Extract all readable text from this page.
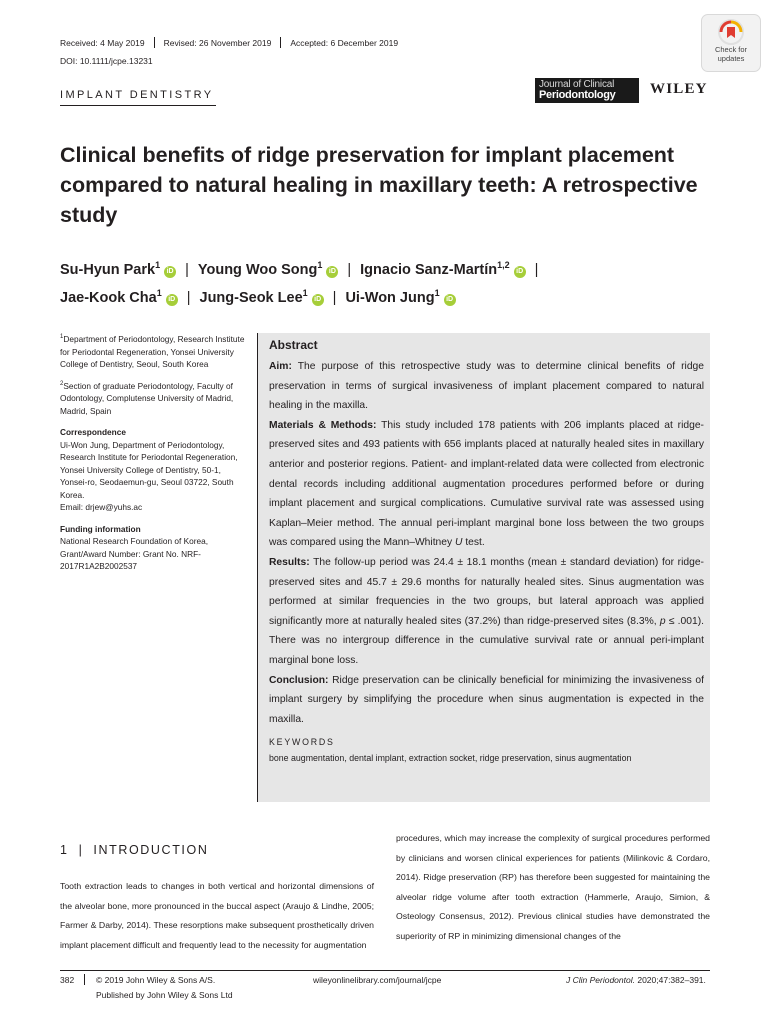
Received: 4 May 2019 Revised: 26 November 2019 Accepted: 6 December 2019
DOI: 10.1111/jcpe.13231
IMPLANT DENTISTRY
Check for
updates
Journal of Clinical
Periodontology	WILEY
Clinical benefits of ridge preservation for implant placement compared to natural healing in maxillary teeth: A retrospective study
Su-Hyun Park$^1$iD | Young Woo Song$^1$iD | Ignacio Sanz-Martín$^{1,2}$iD |
Jae-Kook Cha$^1$iD | Jung-Seok Lee$^1$iD | Ui-Won Jung$^1$iD

$^1$Department of Periodontology, Research Institute for Periodontal Regeneration, Yonsei University College of Dentistry, Seoul, South Korea

$^2$Section of graduate Periodontology, Faculty of Odontology, Complutense University of Madrid, Madrid, Spain

Correspondence
Ui-Won Jung, Department of Periodontology, Research Institute for Periodontal Regeneration, Yonsei University College of Dentistry, 50-1, Yonsei-ro, Seodaemun-gu, Seoul 03722, South Korea.
Email: drjew@yuhs.ac

Funding information
National Research Foundation of Korea, Grant/Award Number: Grant No. NRF-2017R1A2B2002537

Abstract

Aim: The purpose of this retrospective study was to determine clinical benefits of ridge preservation in terms of surgical invasiveness of implant placement compared to natural healing in the maxilla.

Materials & Methods: This study included 178 patients with 206 implants placed at ridge-preserved sites and 493 patients with 656 implants placed at naturally healed sites in maxillary anterior and posterior regions. Patient- and implant-related data were collected from electronic dental records including additional augmentation procedures performed before or during implant placement and surgical complications. Cumulative survival rate was assessed using Kaplan–Meier method. The annual peri-implant marginal bone loss between the two groups was compared using the Mann–Whitney U test.

Results: The follow-up period was 24.4 ± 18.1 months (mean ± standard deviation) for ridge-preserved sites and 45.7 ± 29.6 months for naturally healed sites. Sinus augmentation was performed at similar frequencies in the two groups, but lateral approach was applied significantly more at naturally healed sites (37.2%) than ridge-preserved sites (8.3%, p ≤ .001). There was no intergroup difference in the cumulative survival rate or annual peri-implant marginal bone loss.

Conclusion: Ridge preservation can be clinically beneficial for minimizing the invasiveness of implant surgery by simplifying the procedure when sinus augmentation is expected in the maxilla.

KEYWORDS
bone augmentation, dental implant, extraction socket, ridge preservation, sinus augmentation
1 | INTRODUCTION
Tooth extraction leads to changes in both vertical and horizontal dimensions of the alveolar bone, more pronounced in the buccal aspect (Araujo & Lindhe, 2005; Farmer & Darby, 2014). These resorptions make subsequent prosthetically driven implant placement difficult and frequently lead to the necessity for augmentation
procedures, which may increase the complexity of surgical procedures performed by clinicians and worsen clinical experiences for patients (Milinkovic & Cordaro, 2014). Ridge preservation (RP) has therefore been suggested for maintaining the alveolar ridge volume after tooth extraction (Hammerle, Araujo, Simion, & Osteology Consensus, 2012). Previous clinical studies have demonstrated the superiority of RP in minimizing dimensional changes of the
382	© 2019 John Wiley & Sons A/S.
Published by John Wiley & Sons Ltd
wileyonlinelibrary.com/journal/jcpe	J Clin Periodontol. 2020;47:382–391.
